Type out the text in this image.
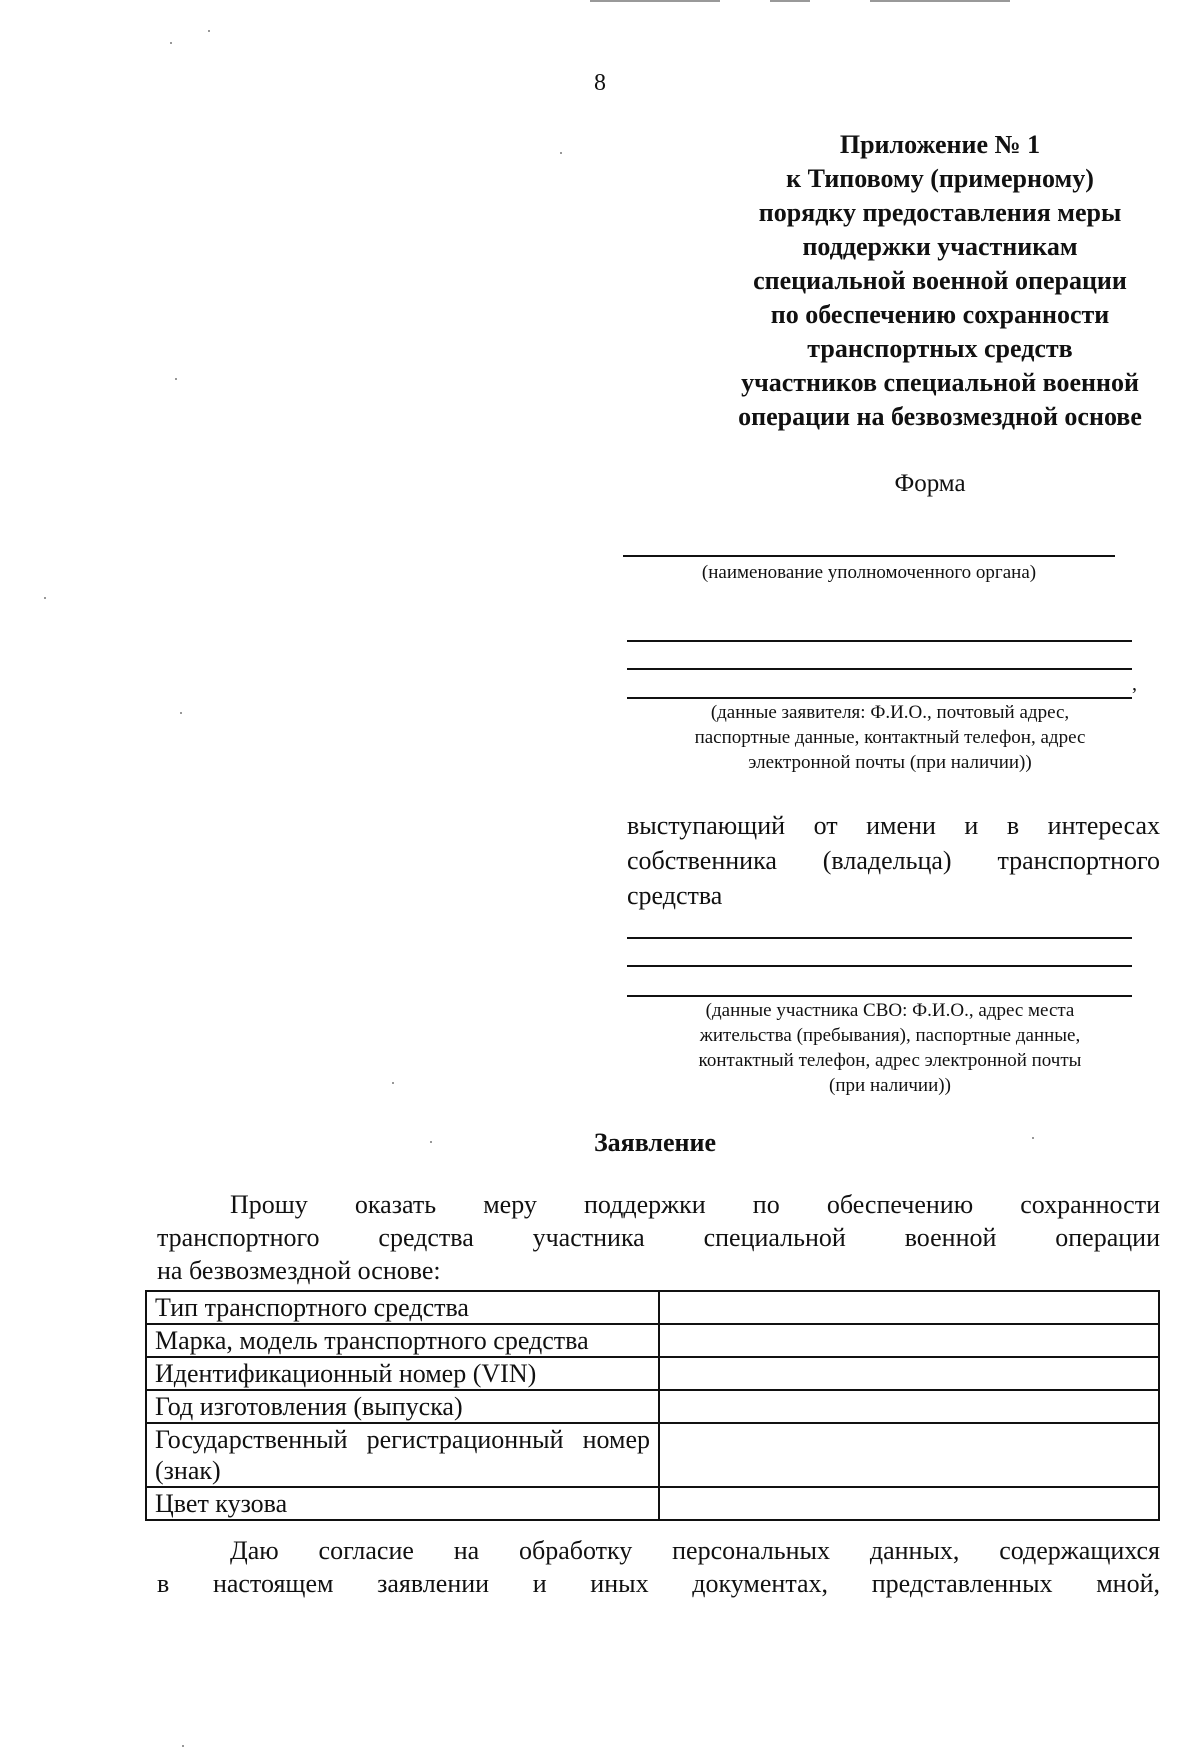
8
Приложение № 1
к Типовому (примерному)
порядку предоставления меры
поддержки участникам
специальной военной операции
по обеспечению сохранности
транспортных средств
участников специальной военной
операции на безвозмездной основе
Форма
(наименование уполномоченного органа)
,
(данные заявителя: Ф.И.О., почтовый адрес,
паспортные данные, контактный телефон, адрес
электронной почты (при наличии))
выступающий от имени и в интересах собственника (владельца) транспортного средства
(данные участника СВО: Ф.И.О., адрес места
жительства (пребывания), паспортные данные,
контактный телефон, адрес электронной почты
(при наличии))
Заявление
Прошу оказать меру поддержки по обеспечению сохранности
транспортного средства участника специальной военной операции
на безвозмездной основе:
Тип транспортного средства	
Марка, модель транспортного средства	
Идентификационный номер (VIN)	
Год изготовления (выпуска)	
Государственный регистрационный номер (знак)	
Цвет кузова	
Даю согласие на обработку персональных данных, содержащихся
в настоящем заявлении и иных документах, представленных мной,
